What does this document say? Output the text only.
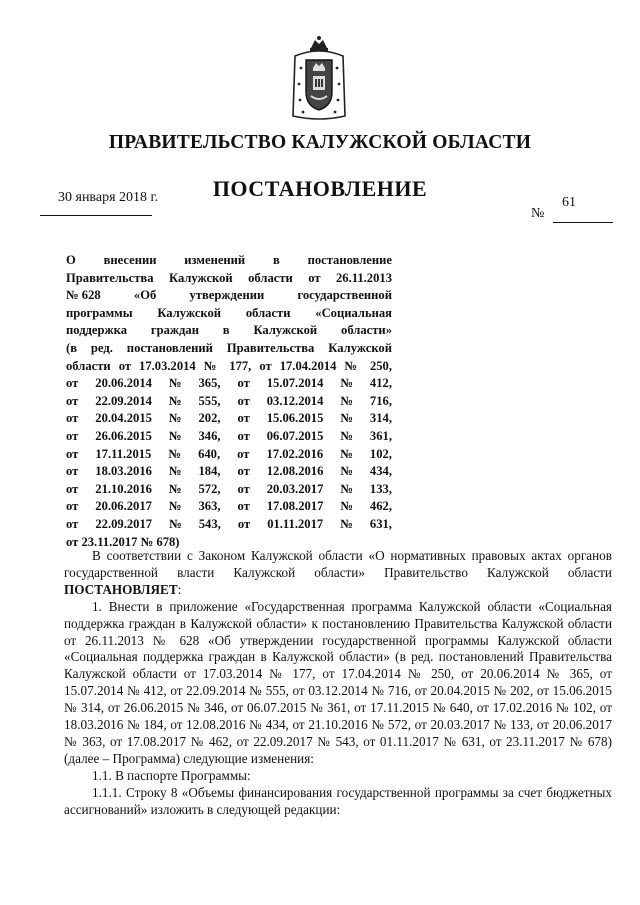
ПРАВИТЕЛЬСТВО КАЛУЖСКОЙ ОБЛАСТИ
ПОСТАНОВЛЕНИЕ
30 января 2018 г.	61
№
О внесении изменений в постановление
Правительства Калужской области от 26.11.2013
№ 628	«Об	утверждении	государственной
программы Калужской области «Социальная
поддержка граждан в Калужской области»
(в ред. постановлений Правительства Калужской
области от 17.03.2014 № 177, от 17.04.2014 № 250,
от 20.06.2014 № 365, от 15.07.2014 № 412,
от 22.09.2014 № 555, от 03.12.2014 № 716,
от 20.04.2015 № 202, от 15.06.2015 № 314,
от 26.06.2015 № 346, от 06.07.2015 № 361,
от 17.11.2015 № 640, от 17.02.2016 № 102,
от 18.03.2016 № 184, от 12.08.2016 № 434,
от 21.10.2016 № 572, от 20.03.2017 № 133,
от 20.06.2017 № 363, от 17.08.2017 № 462,
от 22.09.2017 № 543, от 01.11.2017 № 631,
от 23.11.2017 № 678)

В соответствии с Законом Калужской области «О нормативных правовых актах органов государственной власти Калужской области» Правительство Калужской области ПОСТАНОВЛЯЕТ:

1. Внести в приложение «Государственная программа Калужской области «Социальная поддержка граждан в Калужской области» к постановлению Правительства Калужской области от 26.11.2013 № 628 «Об утверждении государственной программы Калужской области «Социальная поддержка граждан в Калужской области» (в ред. постановлений Правительства Калужской области от 17.03.2014 № 177, от 17.04.2014 № 250, от 20.06.2014 № 365, от 15.07.2014 № 412, от 22.09.2014 № 555, от 03.12.2014 № 716, от 20.04.2015 № 202, от 15.06.2015 № 314, от 26.06.2015 № 346, от 06.07.2015 № 361, от 17.11.2015 № 640, от 17.02.2016 № 102, от 18.03.2016 № 184, от 12.08.2016 № 434, от 21.10.2016 № 572, от 20.03.2017 № 133, от 20.06.2017 № 363, от 17.08.2017 № 462, от 22.09.2017 № 543, от 01.11.2017 № 631, от 23.11.2017 № 678)

(далее – Программа) следующие изменения:

1.1. В паспорте Программы:

1.1.1. Строку 8 «Объемы финансирования государственной программы за счет бюджетных ассигнований» изложить в следующей редакции:
